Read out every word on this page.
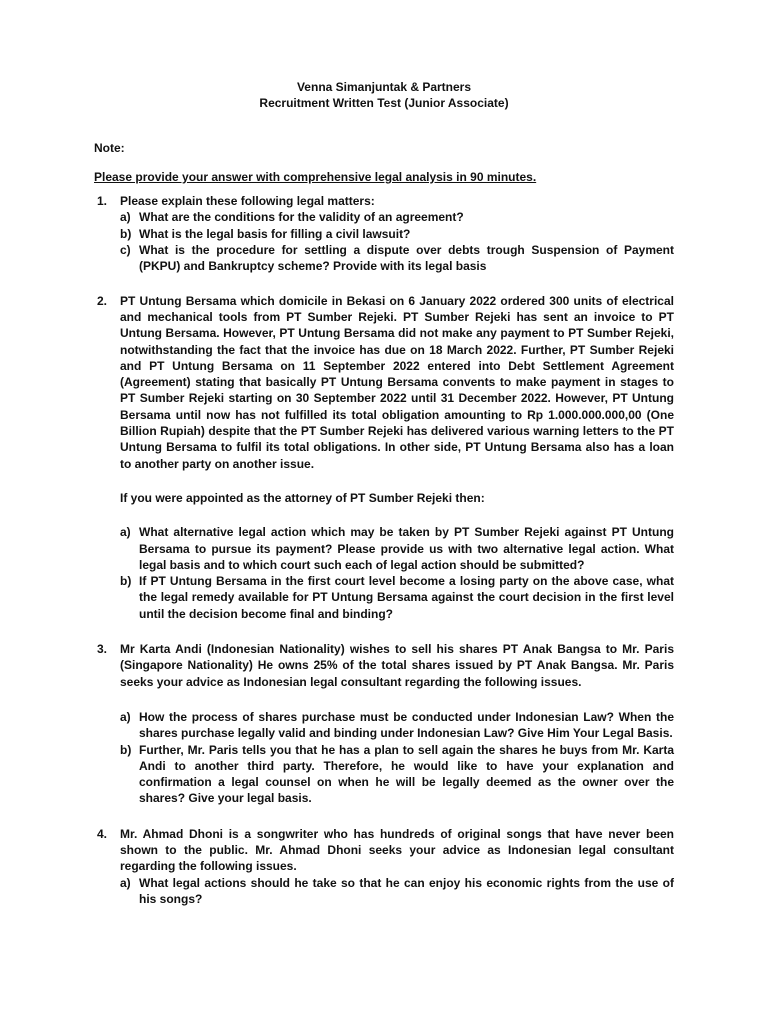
Venna Simanjuntak & Partners
Recruitment Written Test (Junior Associate)
Note:
Please provide your answer with comprehensive legal analysis in 90 minutes.
1. Please explain these following legal matters:
a) What are the conditions for the validity of an agreement?
b) What is the legal basis for filling a civil lawsuit?
c) What is the procedure for settling a dispute over debts trough Suspension of Payment (PKPU) and Bankruptcy scheme? Provide with its legal basis
2. PT Untung Bersama which domicile in Bekasi on 6 January 2022 ordered 300 units of electrical and mechanical tools from PT Sumber Rejeki. PT Sumber Rejeki has sent an invoice to PT Untung Bersama. However, PT Untung Bersama did not make any payment to PT Sumber Rejeki, notwithstanding the fact that the invoice has due on 18 March 2022. Further, PT Sumber Rejeki and PT Untung Bersama on 11 September 2022 entered into Debt Settlement Agreement (Agreement) stating that basically PT Untung Bersama convents to make payment in stages to PT Sumber Rejeki starting on 30 September 2022 until 31 December 2022. However, PT Untung Bersama until now has not fulfilled its total obligation amounting to Rp 1.000.000.000,00 (One Billion Rupiah) despite that the PT Sumber Rejeki has delivered various warning letters to the PT Untung Bersama to fulfil its total obligations. In other side, PT Untung Bersama also has a loan to another party on another issue.
If you were appointed as the attorney of PT Sumber Rejeki then:
a) What alternative legal action which may be taken by PT Sumber Rejeki against PT Untung Bersama to pursue its payment? Please provide us with two alternative legal action. What legal basis and to which court such each of legal action should be submitted?
b) If PT Untung Bersama in the first court level become a losing party on the above case, what the legal remedy available for PT Untung Bersama against the court decision in the first level until the decision become final and binding?
3. Mr Karta Andi (Indonesian Nationality) wishes to sell his shares PT Anak Bangsa to Mr. Paris (Singapore Nationality) He owns 25% of the total shares issued by PT Anak Bangsa. Mr. Paris seeks your advice as Indonesian legal consultant regarding the following issues.
a) How the process of shares purchase must be conducted under Indonesian Law? When the shares purchase legally valid and binding under Indonesian Law? Give Him Your Legal Basis.
b) Further, Mr. Paris tells you that he has a plan to sell again the shares he buys from Mr. Karta Andi to another third party. Therefore, he would like to have your explanation and confirmation a legal counsel on when he will be legally deemed as the owner over the shares? Give your legal basis.
4. Mr. Ahmad Dhoni is a songwriter who has hundreds of original songs that have never been shown to the public. Mr. Ahmad Dhoni seeks your advice as Indonesian legal consultant regarding the following issues.
a) What legal actions should he take so that he can enjoy his economic rights from the use of his songs?
